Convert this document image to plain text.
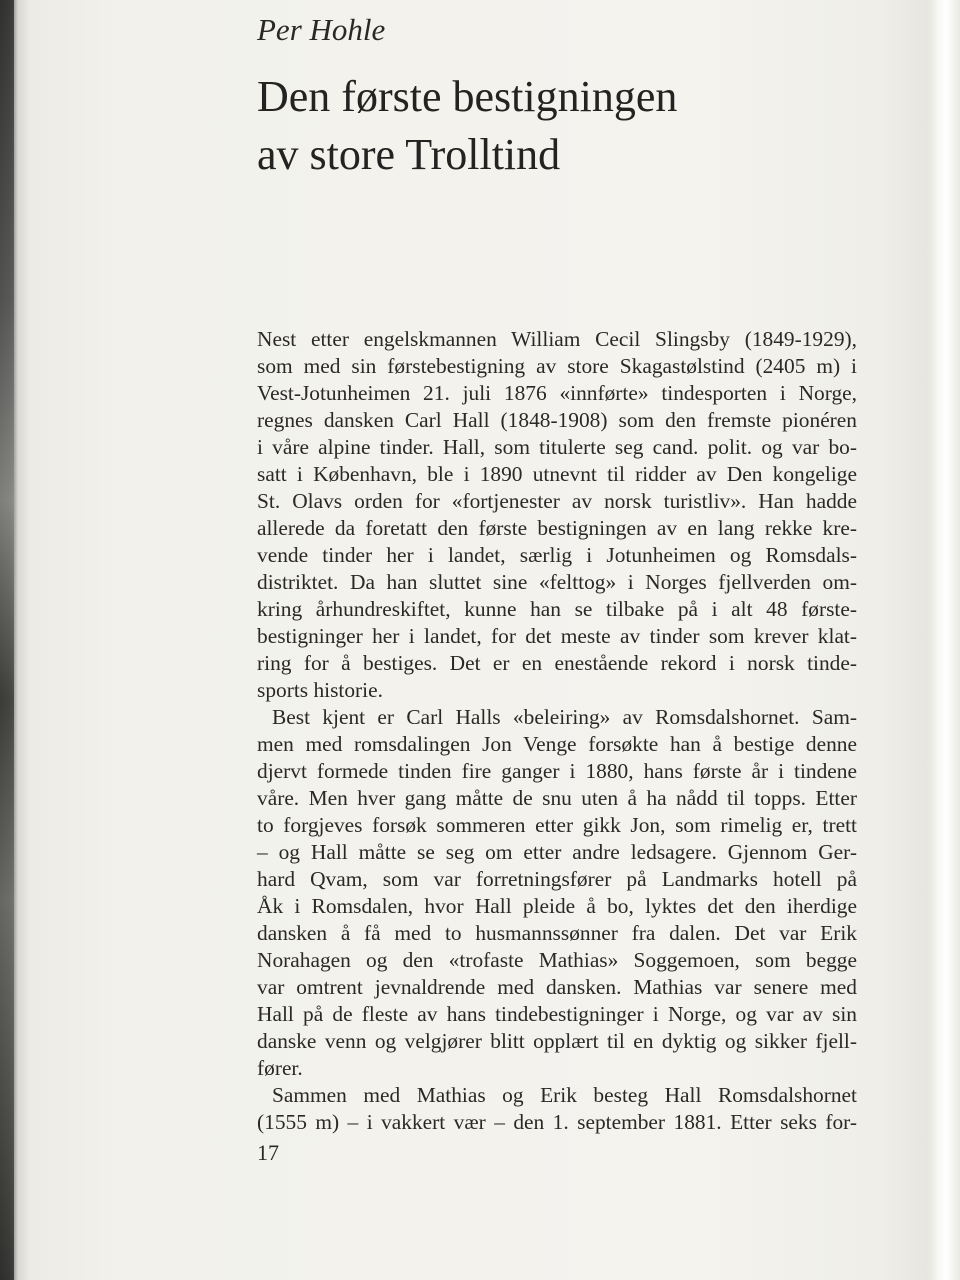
Per Hohle
Den første bestigningen
av store Trolltind
Nest etter engelskmannen William Cecil Slingsby (1849-1929),
som med sin førstebestigning av store Skagastølstind (2405 m) i
Vest-Jotunheimen 21. juli 1876 «innførte» tindesporten i Norge,
regnes dansken Carl Hall (1848-1908) som den fremste pionéren
i våre alpine tinder. Hall, som titulerte seg cand. polit. og var bo-
satt i København, ble i 1890 utnevnt til ridder av Den kongelige
St. Olavs orden for «fortjenester av norsk turistliv». Han hadde
allerede da foretatt den første bestigningen av en lang rekke kre-
vende tinder her i landet, særlig i Jotunheimen og Romsdals-
distriktet. Da han sluttet sine «felttog» i Norges fjellverden om-
kring århundreskiftet, kunne han se tilbake på i alt 48 første-
bestigninger her i landet, for det meste av tinder som krever klat-
ring for å bestiges. Det er en enestående rekord i norsk tinde-
sports historie.
Best kjent er Carl Halls «beleiring» av Romsdalshornet. Sam-
men med romsdalingen Jon Venge forsøkte han å bestige denne
djervt formede tinden fire ganger i 1880, hans første år i tindene
våre. Men hver gang måtte de snu uten å ha nådd til topps. Etter
to forgjeves forsøk sommeren etter gikk Jon, som rimelig er, trett
– og Hall måtte se seg om etter andre ledsagere. Gjennom Ger-
hard Qvam, som var forretningsfører på Landmarks hotell på
Åk i Romsdalen, hvor Hall pleide å bo, lyktes det den iherdige
dansken å få med to husmannssønner fra dalen. Det var Erik
Norahagen og den «trofaste Mathias» Soggemoen, som begge
var omtrent jevnaldrende med dansken. Mathias var senere med
Hall på de fleste av hans tindebestigninger i Norge, og var av sin
danske venn og velgjører blitt opplært til en dyktig og sikker fjell-
fører.
Sammen med Mathias og Erik besteg Hall Romsdalshornet
(1555 m) – i vakkert vær – den 1. september 1881. Etter seks for-
17
